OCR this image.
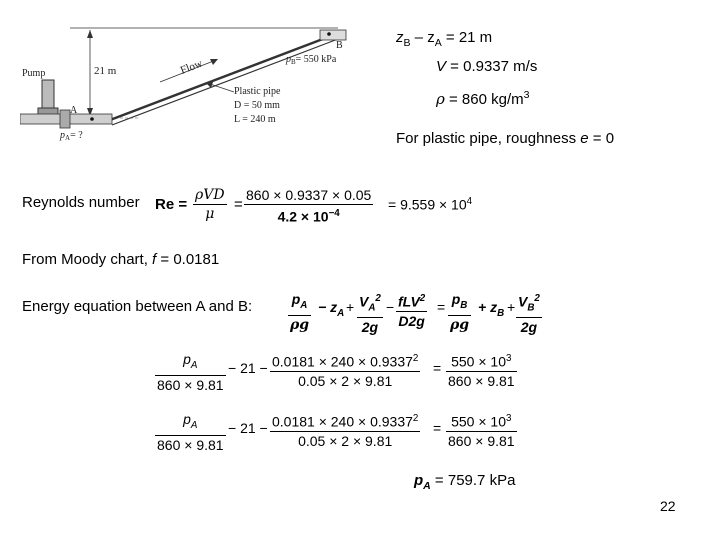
Pump	21 m	Flow
B
$p_B= 550$ kPa
A
$p_A=$ ?
Plastic pipe
D = 50 mm
L = 240 m
$z_B - z_A = 21$ m
V = 0.9337 m/s
ρ = 860 $kg/m^3$
For plastic pipe, roughness e = 0
Reynolds number Re =
ρVD
μ
=
860 × 0.9337 × 0.05
$4.2 \times 10^{-4}$
= $9.559 \times 10^4$
From Moody chart, f = 0.0181
Energy equation between A and B:	$p_A$
ρg
− $z_A + V_A^2$
2g
− fLV$^2$
D2g
= $p_B$
ρg
+ $z_B + V_B^2$
2g
$p_A$
860 × 9.81
− $21 - 0.0181 \times 240 \times 0.9337^2$
0.05 × 2 × 9.81
= $550 \times 10^3$
860 × 9.81
$p_A$
860 × 9.81
− $21 - 0.0181 \times 240 \times 0.9337^2$
0.05 × 2 × 9.81
= $550 \times 10^3$
860 × 9.81
$p_A = 759.7$ kPa
22
